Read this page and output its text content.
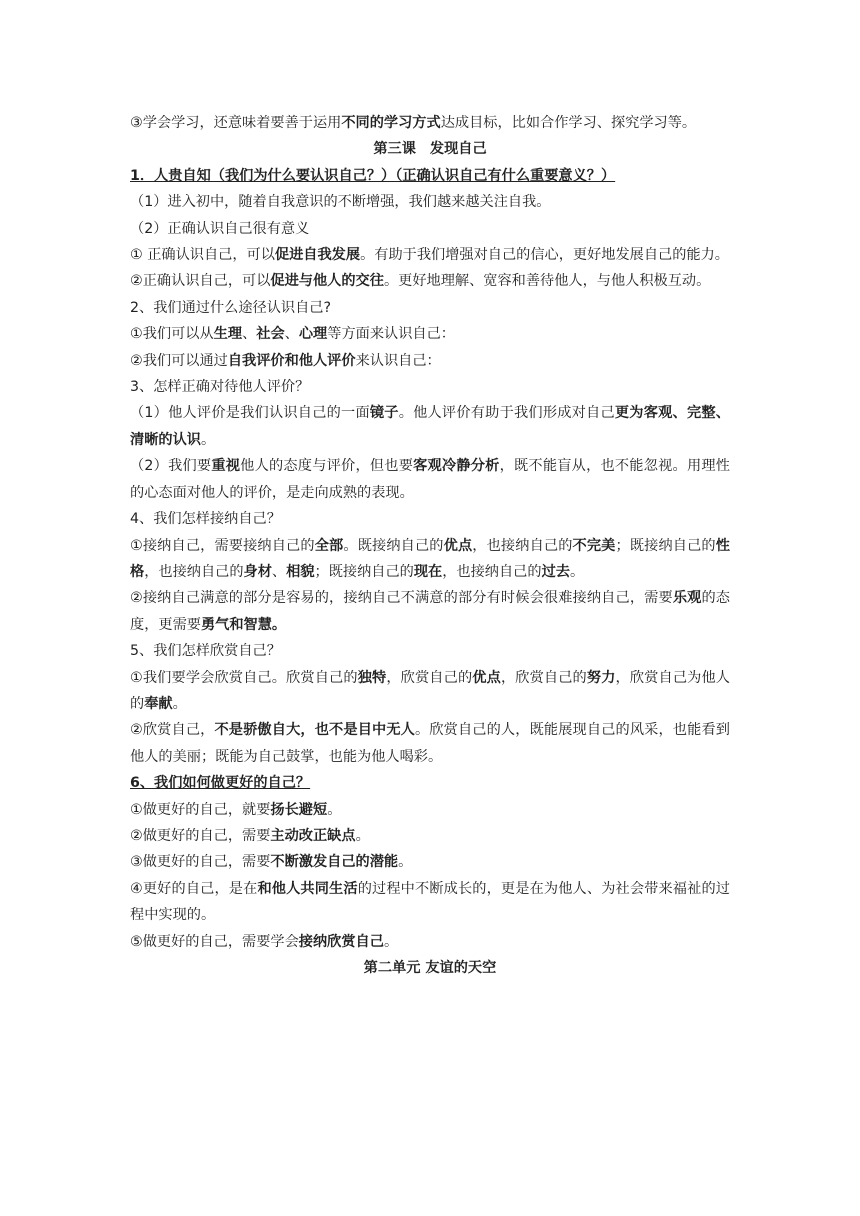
③学会学习，还意味着要善于运用不同的学习方式达成目标，比如合作学习、探究学习等。

第三课 发现自己

1．人贵自知（我们为什么要认识自己？）（正确认识自己有什么重要意义？）

（1）进入初中，随着自我意识的不断增强，我们越来越关注自我。

（2）正确认识自己很有意义

① 正确认识自己，可以促进自我发展。有助于我们增强对自己的信心，更好地发展自己的能力。

②正确认识自己，可以促进与他人的交往。更好地理解、宽容和善待他人，与他人积极互动。

2、我们通过什么途径认识自己?

①我们可以从生理、社会、心理等方面来认识自己：

②我们可以通过自我评价和他人评价来认识自己：

3、怎样正确对待他人评价？

（1）他人评价是我们认识自己的一面镜子。他人评价有助于我们形成对自己更为客观、完整、清晰的认识。

（2）我们要重视他人的态度与评价，但也要客观冷静分析，既不能盲从，也不能忽视。用理性的心态面对他人的评价，是走向成熟的表现。

4、我们怎样接纳自己？

①接纳自己，需要接纳自己的全部。既接纳自己的优点，也接纳自己的不完美；既接纳自己的性格，也接纳自己的身材、相貌；既接纳自己的现在，也接纳自己的过去。

②接纳自己满意的部分是容易的，接纳自己不满意的部分有时候会很难接纳自己，需要乐观的态度，更需要勇气和智慧。

5、我们怎样欣赏自己？

①我们要学会欣赏自己。欣赏自己的独特，欣赏自己的优点，欣赏自己的努力，欣赏自己为他人的奉献。

②欣赏自己，不是骄傲自大，也不是目中无人。欣赏自己的人，既能展现自己的风采，也能看到他人的美丽；既能为自己鼓掌，也能为他人喝彩。

6、我们如何做更好的自己？

①做更好的自己，就要扬长避短。

②做更好的自己，需要主动改正缺点。

③做更好的自己，需要不断激发自己的潜能。

④更好的自己，是在和他人共同生活的过程中不断成长的，更是在为他人、为社会带来福祉的过程中实现的。

⑤做更好的自己，需要学会接纳欣赏自己。

第二单元 友谊的天空
